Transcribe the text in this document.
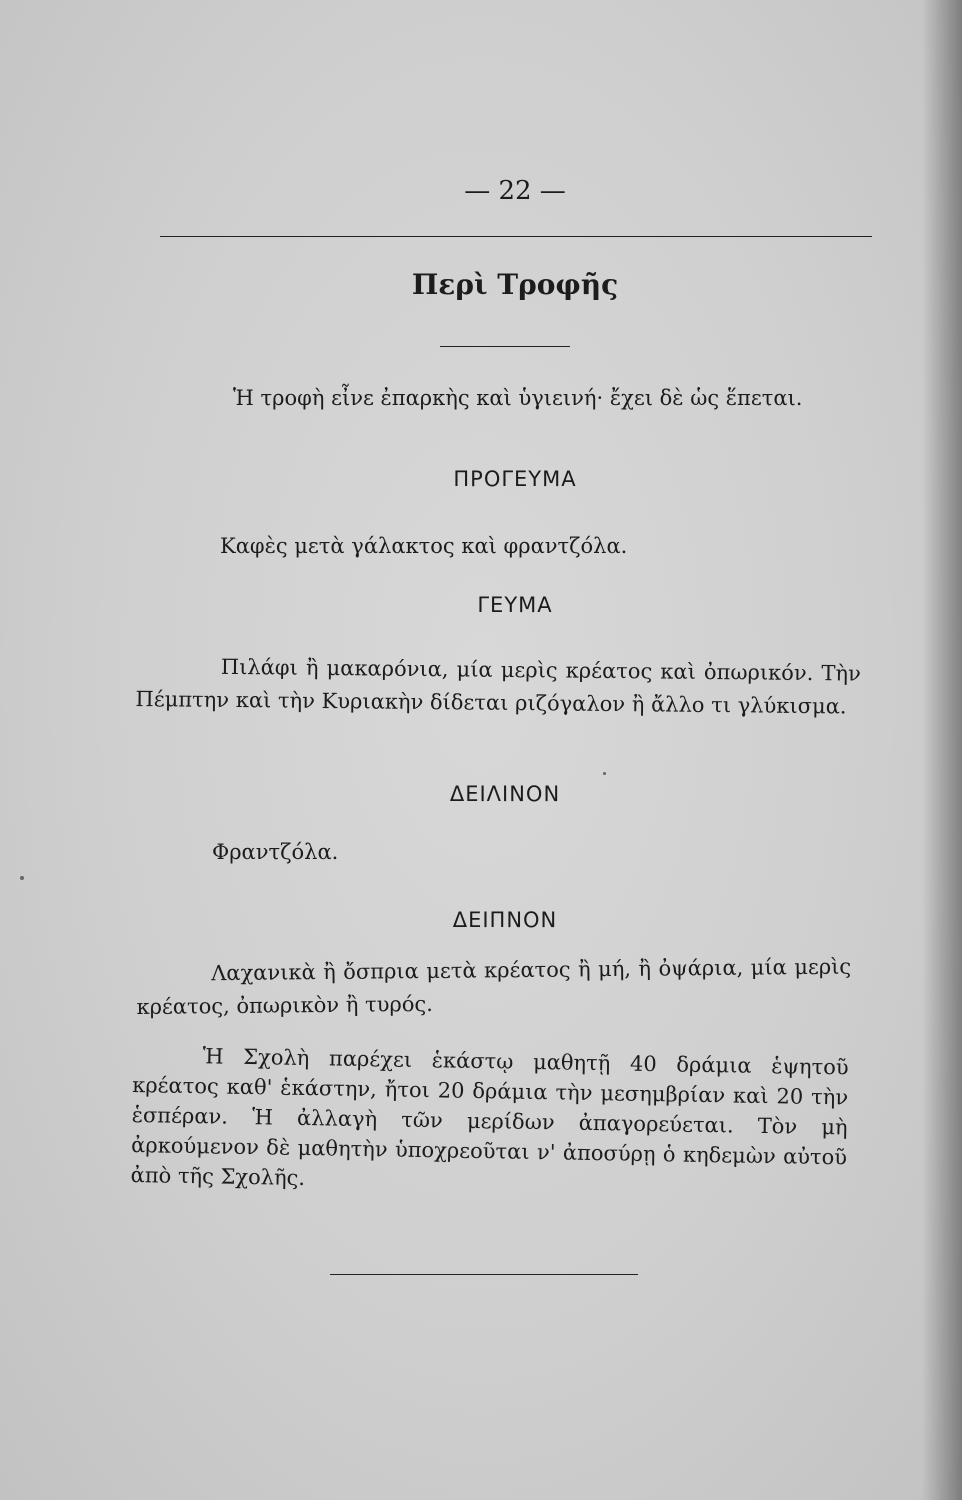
— 22 —
Περὶ Τροφῆς
Ἡ τροφὴ εἶνε ἐπαρκὴς καὶ ὑγιεινή· ἔχει δὲ ὡς ἕπεται.
ΠΡΟΓΕΥΜΑ
Καφὲς μετὰ γάλακτος καὶ φραντζόλα.
ΓΕΥΜΑ
Πιλάφι ἢ μακαρόνια, μία μερὶς κρέατος καὶ ὀπωρικόν. Τὴν Πέμπτην καὶ τὴν Κυριακὴν δίδεται ριζόγαλον ἢ ἄλλο τι γλύκισμα.
ΔΕΙΛΙΝΟΝ
Φραντζόλα.
ΔΕΙΠΝΟΝ
Λαχανικὰ ἢ ὄσπρια μετὰ κρέατος ἢ μή, ἢ ὀψάρια, μία μερὶς κρέατος, ὀπωρικὸν ἢ τυρός.
Ἡ Σχολὴ παρέχει ἑκάστῳ μαθητῇ 40 δράμια ἑψητοῦ κρέατος καθ' ἑκάστην, ἤτοι 20 δράμια τὴν μεσημβρίαν καὶ 20 τὴν ἑσπέραν. Ἡ ἀλλαγὴ τῶν μερίδων ἀπαγορεύεται. Τὸν μὴ ἀρκούμενον δὲ μαθητὴν ὑποχρεοῦται ν' ἀποσύρῃ ὁ κηδεμὼν αὐτοῦ ἀπὸ τῆς Σχολῆς.
